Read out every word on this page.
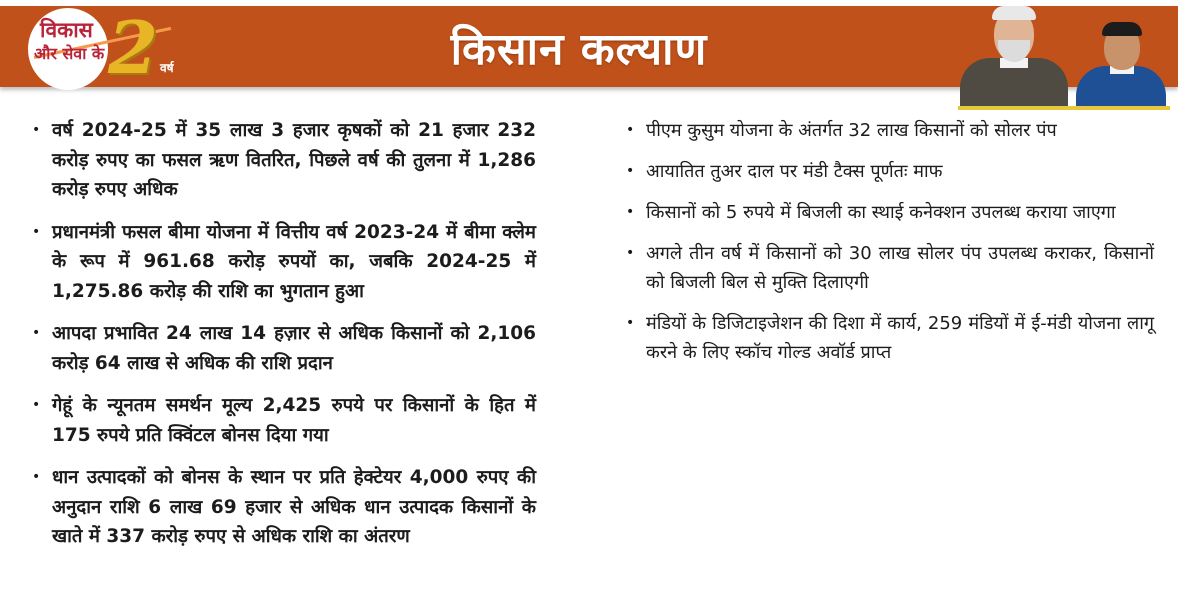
किसान कल्याण
विकास
और सेवा के 2 वर्ष
• वर्ष 2024-25 में 35 लाख 3 हजार कृषकों को 21 हजार 232 करोड़ रुपए का फसल ऋण वितरित, पिछले वर्ष की तुलना में 1,286 करोड़ रुपए अधिक
• प्रधानमंत्री फसल बीमा योजना में वित्तीय वर्ष 2023-24 में बीमा क्लेम के रूप में 961.68 करोड़ रुपयों का, जबकि 2024-25 में 1,275.86 करोड़ की राशि का भुगतान हुआ
• आपदा प्रभावित 24 लाख 14 हज़ार से अधिक किसानों को 2,106 करोड़ 64 लाख से अधिक की राशि प्रदान
• गेहूं के न्यूनतम समर्थन मूल्य 2,425 रुपये पर किसानों के हित में 175 रुपये प्रति क्विंटल बोनस दिया गया
• धान उत्पादकों को बोनस के स्थान पर प्रति हेक्टेयर 4,000 रुपए की अनुदान राशि 6 लाख 69 हजार से अधिक धान उत्पादक किसानों के खाते में 337 करोड़ रुपए से अधिक राशि का अंतरण
• पीएम कुसुम योजना के अंतर्गत 32 लाख किसानों को सोलर पंप
• आयातित तुअर दाल पर मंडी टैक्स पूर्णतः माफ
• किसानों को 5 रुपये में बिजली का स्थाई कनेक्शन उपलब्ध कराया जाएगा
• अगले तीन वर्ष में किसानों को 30 लाख सोलर पंप उपलब्ध कराकर, किसानों को बिजली बिल से मुक्ति दिलाएगी
• मंडियों के डिजिटाइजेशन की दिशा में कार्य, 259 मंडियों में ई-मंडी योजना लागू करने के लिए स्कॉच गोल्ड अवॉर्ड प्राप्त
